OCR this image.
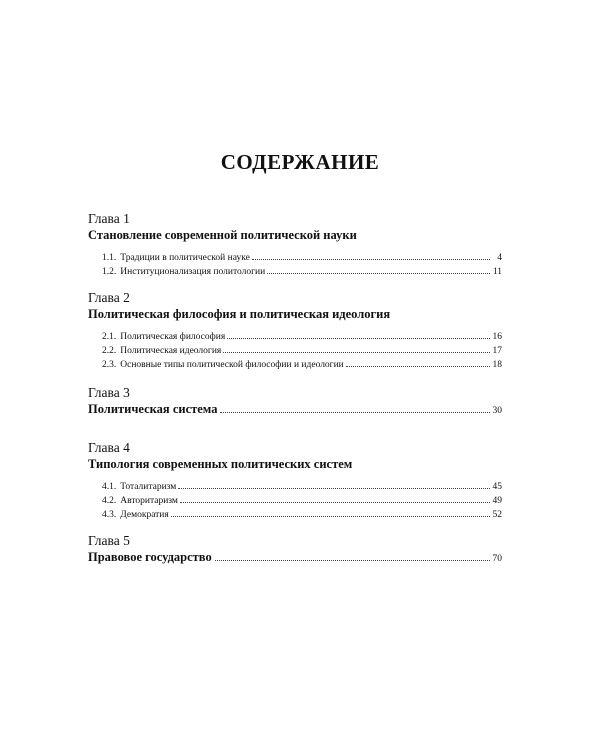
СОДЕРЖАНИЕ
Глава 1
Становление современной политической науки
1.1. Традиции в политической науке	4
1.2. Институционализация политологии	11
Глава 2
Политическая философия и политическая идеология
2.1. Политическая философия	16
2.2. Политическая идеология	17
2.3. Основные типы политической философии и идеологии	18
Глава 3
Политическая система	30
Глава 4
Типология современных политических систем
4.1. Тоталитаризм	45
4.2. Авторитаризм	49
4.3. Демократия	52
Глава 5
Правовое государство	70
